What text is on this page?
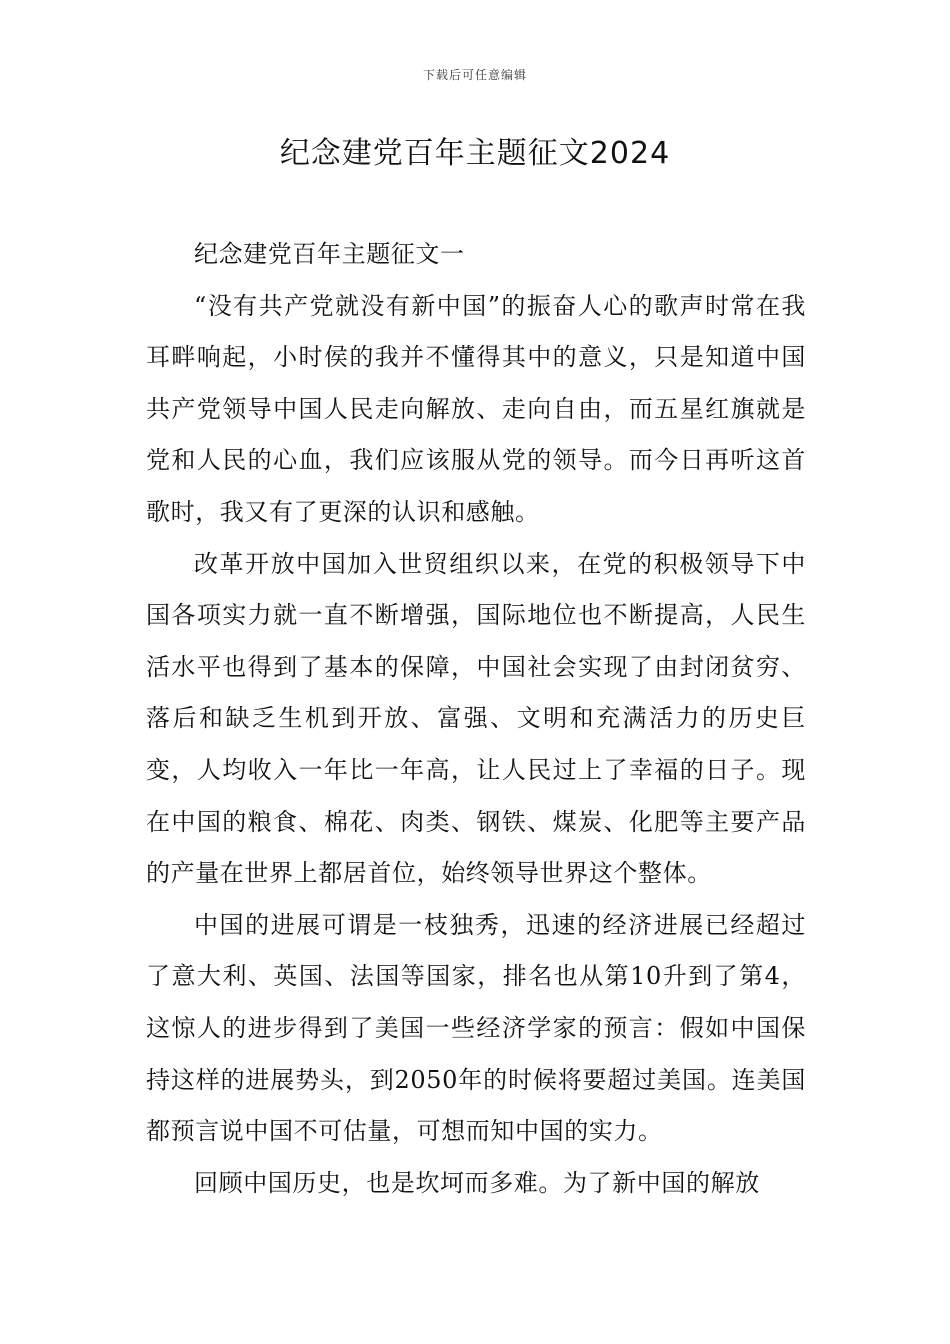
下载后可任意编辑
纪念建党百年主题征文2024

纪念建党百年主题征文一

“没有共产党就没有新中国”的振奋人心的歌声时常在我耳畔响起，小时侯的我并不懂得其中的意义，只是知道中国共产党领导中国人民走向解放、走向自由，而五星红旗就是党和人民的心血，我们应该服从党的领导。而今日再听这首歌时，我又有了更深的认识和感触。

改革开放中国加入世贸组织以来，在党的积极领导下中国各项实力就一直不断增强，国际地位也不断提高，人民生活水平也得到了基本的保障，中国社会实现了由封闭贫穷、落后和缺乏生机到开放、富强、文明和充满活力的历史巨变，人均收入一年比一年高，让人民过上了幸福的日子。现在中国的粮食、棉花、肉类、钢铁、煤炭、化肥等主要产品的产量在世界上都居首位，始终领导世界这个整体。

中国的进展可谓是一枝独秀，迅速的经济进展已经超过了意大利、英国、法国等国家，排名也从第10升到了第4，这惊人的进步得到了美国一些经济学家的预言：假如中国保持这样的进展势头，到2050年的时候将要超过美国。连美国都预言说中国不可估量，可想而知中国的实力。

回顾中国历史，也是坎坷而多难。为了新中国的解放
